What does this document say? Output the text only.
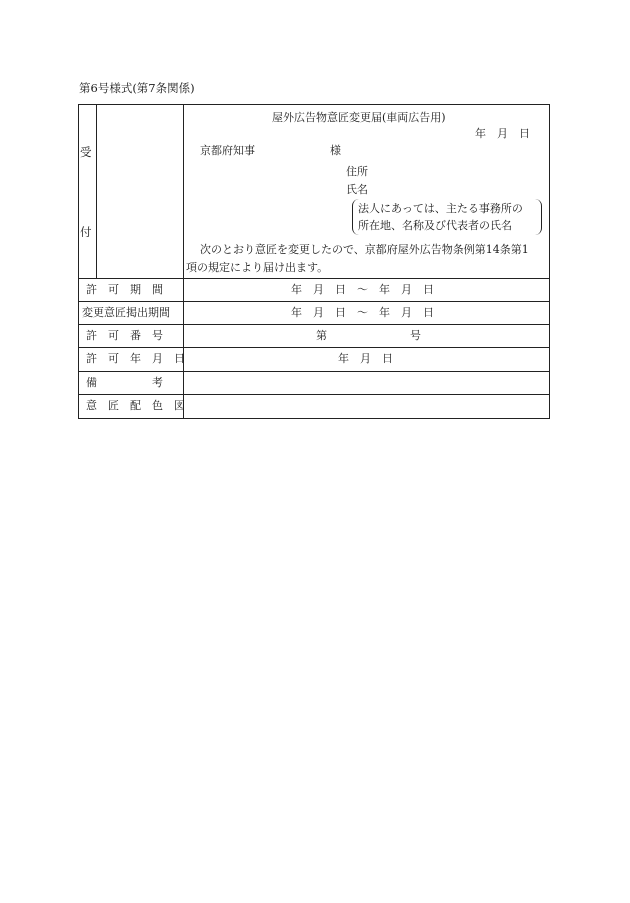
第6号様式(第7条関係)
受
付
屋外広告物意匠変更届(車両広告用)
年　月　日
京都府知事	様
住所
氏名
法人にあっては、主たる事務所の
所在地、名称及び代表者の氏名
次のとおり意匠を変更したので、京都府屋外広告物条例第14条第1
項の規定により届け出ます。
許　可　期　間	年　月　日　～　年　月　日
変更意匠掲出期間	年　月　日　～　年　月　日
許　可　番　号	第	号
許　可　年　月　日	年　月　日
備　　　　　考
意　匠　配　色　図
